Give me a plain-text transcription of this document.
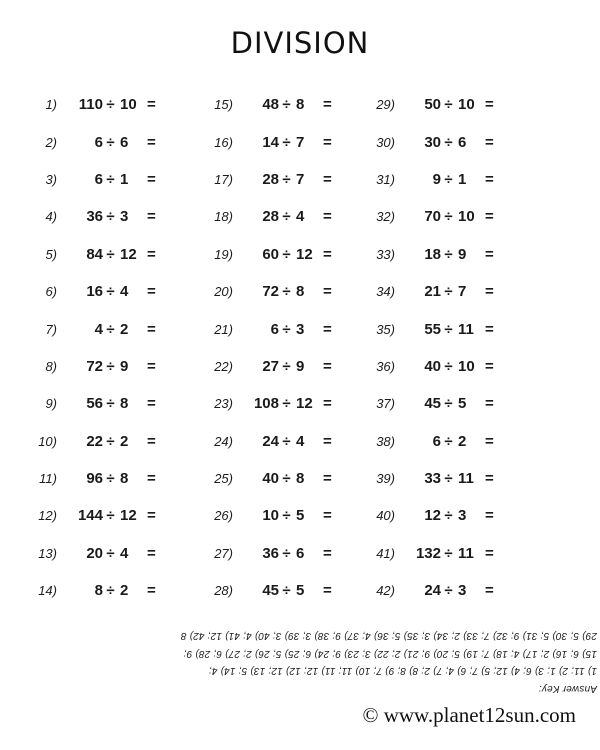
DIVISION
1)	110 ÷ 10 =
2)	6 ÷ 6	=
3)	6 ÷ 1	=
4)	36 ÷ 3	=
5)	84 ÷ 12 =
6)	16 ÷ 4	=
7)	4 ÷ 2	=
8)	72 ÷ 9	=
9)	56 ÷ 8	=
10)	22 ÷ 2	=
11)	96 ÷ 8	=
12)	144 ÷ 12 =
13)	20 ÷ 4	=
14)	8 ÷ 2	=
15)	48 ÷ 8	=
16)	14 ÷ 7	=
17)	28 ÷ 7	=
18)	28 ÷ 4	=
19)	60 ÷ 12 =
20)	72 ÷ 8	=
21)	6 ÷ 3	=
22)	27 ÷ 9	=
23)	108 ÷ 12 =
24)	24 ÷ 4	=
25)	40 ÷ 8	=
26)	10 ÷ 5	=
27)	36 ÷ 6	=
28)	45 ÷ 5	=
29)	50 ÷ 10 =
30)	30 ÷ 6	=
31)	9 ÷ 1	=
32)	70 ÷ 10 =
33)	18 ÷ 9	=
34)	21 ÷ 7	=
35)	55 ÷ 11 =
36)	40 ÷ 10 =
37)	45 ÷ 5	=
38)	6 ÷ 2	=
39)	33 ÷ 11 =
40)	12 ÷ 3	=
41)	132 ÷ 11 =
42)	24 ÷ 3	=
Answer Key:
1) 11; 2) 1; 3) 6; 4) 12; 5) 7; 6) 4; 7) 2; 8) 8; 9) 7; 10) 11; 11) 12; 12) 12; 13) 5; 14) 4;
15) 6; 16) 2; 17) 4; 18) 7; 19) 5; 20) 9; 21) 2; 22) 3; 23) 9; 24) 6; 25) 5; 26) 2; 27) 6; 28) 9;
29) 5; 30) 5; 31) 9; 32) 7; 33) 2; 34) 3; 35) 5; 36) 4; 37) 9; 38) 3; 39) 3; 40) 4; 41) 12; 42) 8
© www.planet12sun.com
